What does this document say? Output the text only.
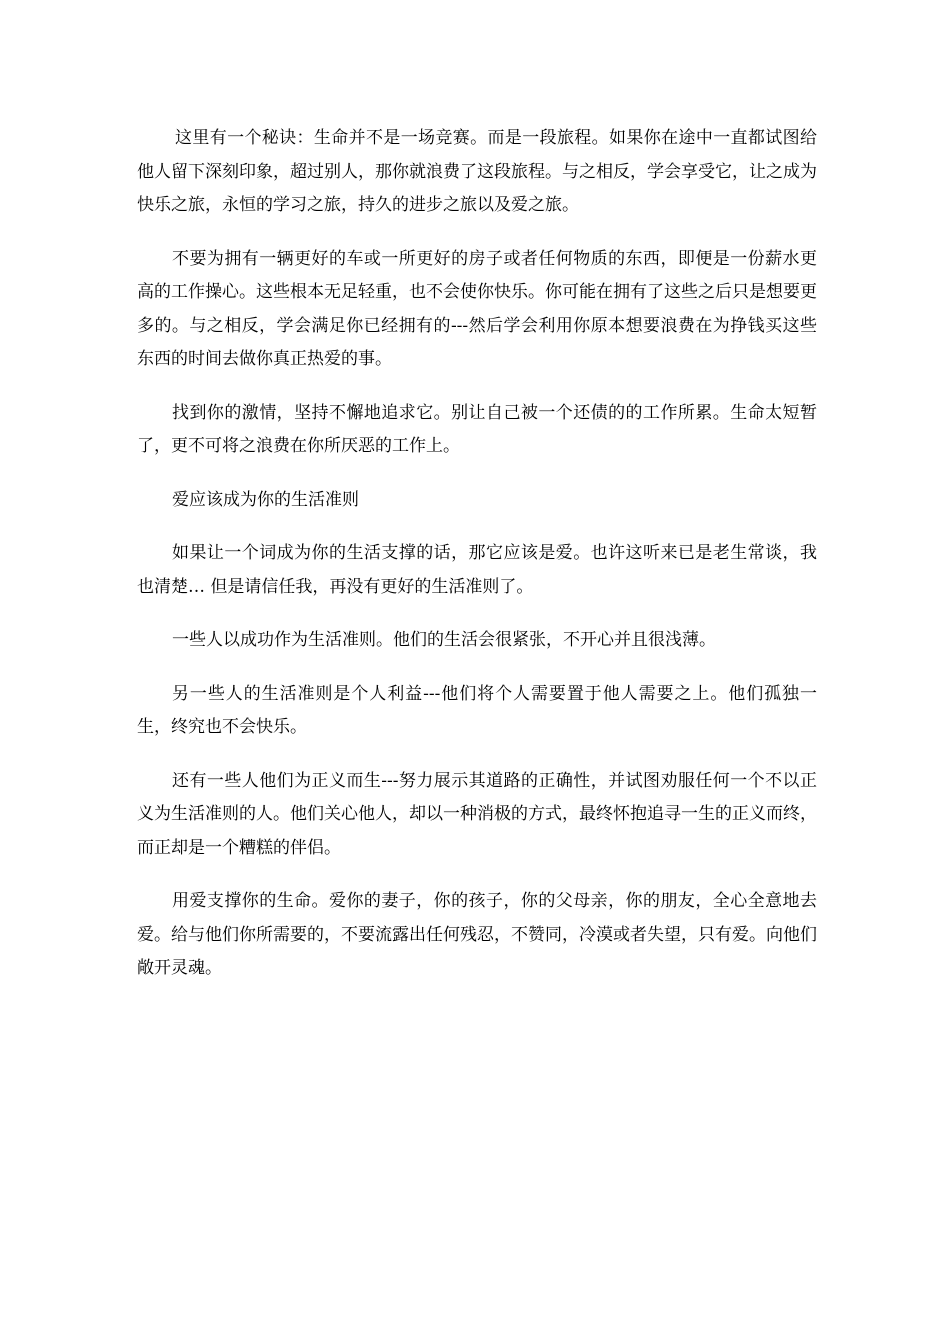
这里有一个秘诀：生命并不是一场竞赛。而是一段旅程。如果你在途中一直都试图给他人留下深刻印象，超过别人，那你就浪费了这段旅程。与之相反，学会享受它，让之成为快乐之旅，永恒的学习之旅，持久的进步之旅以及爱之旅。

不要为拥有一辆更好的车或一所更好的房子或者任何物质的东西，即便是一份薪水更高的工作操心。这些根本无足轻重，也不会使你快乐。你可能在拥有了这些之后只是想要更多的。与之相反，学会满足你已经拥有的---然后学会利用你原本想要浪费在为挣钱买这些东西的时间去做你真正热爱的事。

找到你的激情，坚持不懈地追求它。别让自己被一个还债的的工作所累。生命太短暂了，更不可将之浪费在你所厌恶的工作上。

爱应该成为你的生活准则

如果让一个词成为你的生活支撑的话，那它应该是爱。也许这听来已是老生常谈，我也清楚… 但是请信任我，再没有更好的生活准则了。

一些人以成功作为生活准则。他们的生活会很紧张，不开心并且很浅薄。

另一些人的生活准则是个人利益---他们将个人需要置于他人需要之上。他们孤独一生，终究也不会快乐。

还有一些人他们为正义而生---努力展示其道路的正确性，并试图劝服任何一个不以正义为生活准则的人。他们关心他人，却以一种消极的方式，最终怀抱追寻一生的正义而终，而正却是一个糟糕的伴侣。

用爱支撑你的生命。爱你的妻子，你的孩子，你的父母亲，你的朋友，全心全意地去爱。给与他们你所需要的，不要流露出任何残忍，不赞同，冷漠或者失望，只有爱。向他们敞开灵魂。
